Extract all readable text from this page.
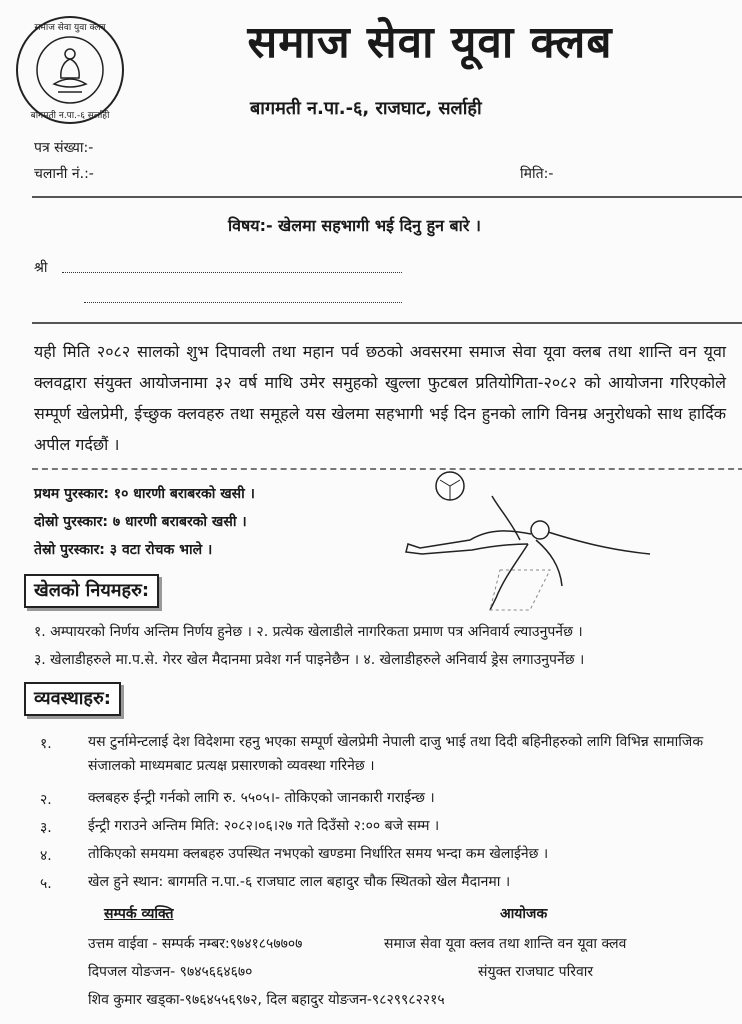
समाज सेवा युवा क्लब
बागमती न.पा.-६ सर्लाही
समाज सेवा यूवा क्लब
बागमती न.पा.-६, राजघाट, सर्लाही
पत्र संख्या:-
चलानी नं.:-	मिति:-
विषय:- खेलमा सहभागी भई दिनु हुन बारे ।
श्री
यही मिति २०८२ सालको शुभ दिपावली तथा महान पर्व छठको अवसरमा समाज सेवा यूवा क्लब तथा शान्ति वन यूवा क्लवद्वारा संयुक्त आयोजनामा ३२ वर्ष माथि उमेर समुहको खुल्ला फुटबल प्रतियोगिता-२०८२ को आयोजना गरिएकोले सम्पूर्ण खेलप्रेमी, ईच्छुक क्लवहरु तथा समूहले यस खेलमा सहभागी भई दिन हुनको लागि विनम्र अनुरोधको साथ हार्दिक अपील गर्दछौं ।
प्रथम पुरस्कार: १० धारणी बराबरको खसी ।
दोस्रो पुरस्कार: ७ धारणी बराबरको खसी ।
तेस्रो पुरस्कार: ३ वटा रोचक भाले ।
खेलको नियमहरु:
१. अम्पायरको निर्णय अन्तिम निर्णय हुनेछ । २. प्रत्येक खेलाडीले नागरिकता प्रमाण पत्र अनिवार्य ल्याउनुपर्नेछ ।
३. खेलाडीहरुले मा.प.से. गेरर खेल मैदानमा प्रवेश गर्न पाइनेछैन । ४. खेलाडीहरुले अनिवार्य ड्रेस लगाउनुपर्नेछ ।
व्यवस्थाहरु:
१.	यस टुर्नामेन्टलाई देश विदेशमा रहनु भएका सम्पूर्ण खेलप्रेमी नेपाली दाजु भाई तथा दिदी बहिनीहरुको लागि विभिन्न सामाजिक संजालको माध्यमबाट प्रत्यक्ष प्रसारणको व्यवस्था गरिनेछ ।
२.	क्लबहरु ईन्ट्री गर्नको लागि रु. ५५०५।- तोकिएको जानकारी गराईन्छ ।
३.	ईन्ट्री गराउने अन्तिम मिति: २०८२।०६।२७ गते दिउँसो २:०० बजे सम्म ।
४.	तोकिएको समयमा क्लबहरु उपस्थित नभएको खण्डमा निर्धारित समय भन्दा कम खेलाईनेछ ।
५.	खेल हुने स्थान: बागमति न.पा.-६ राजघाट लाल बहादुर चौक स्थितको खेल मैदानमा ।
सम्पर्क व्यक्ति	आयोजक
उत्तम वाईवा - सम्पर्क नम्बर:९७४१८५७७०७	समाज सेवा यूवा क्लव तथा शान्ति वन यूवा क्लव
दिपजल योङजन- ९७४५६६४६७०	संयुक्त राजघाट परिवार
शिव कुमार खड्का-९७६४५५६९७२, दिल बहादुर योङजन-९८२९९८२२१५
